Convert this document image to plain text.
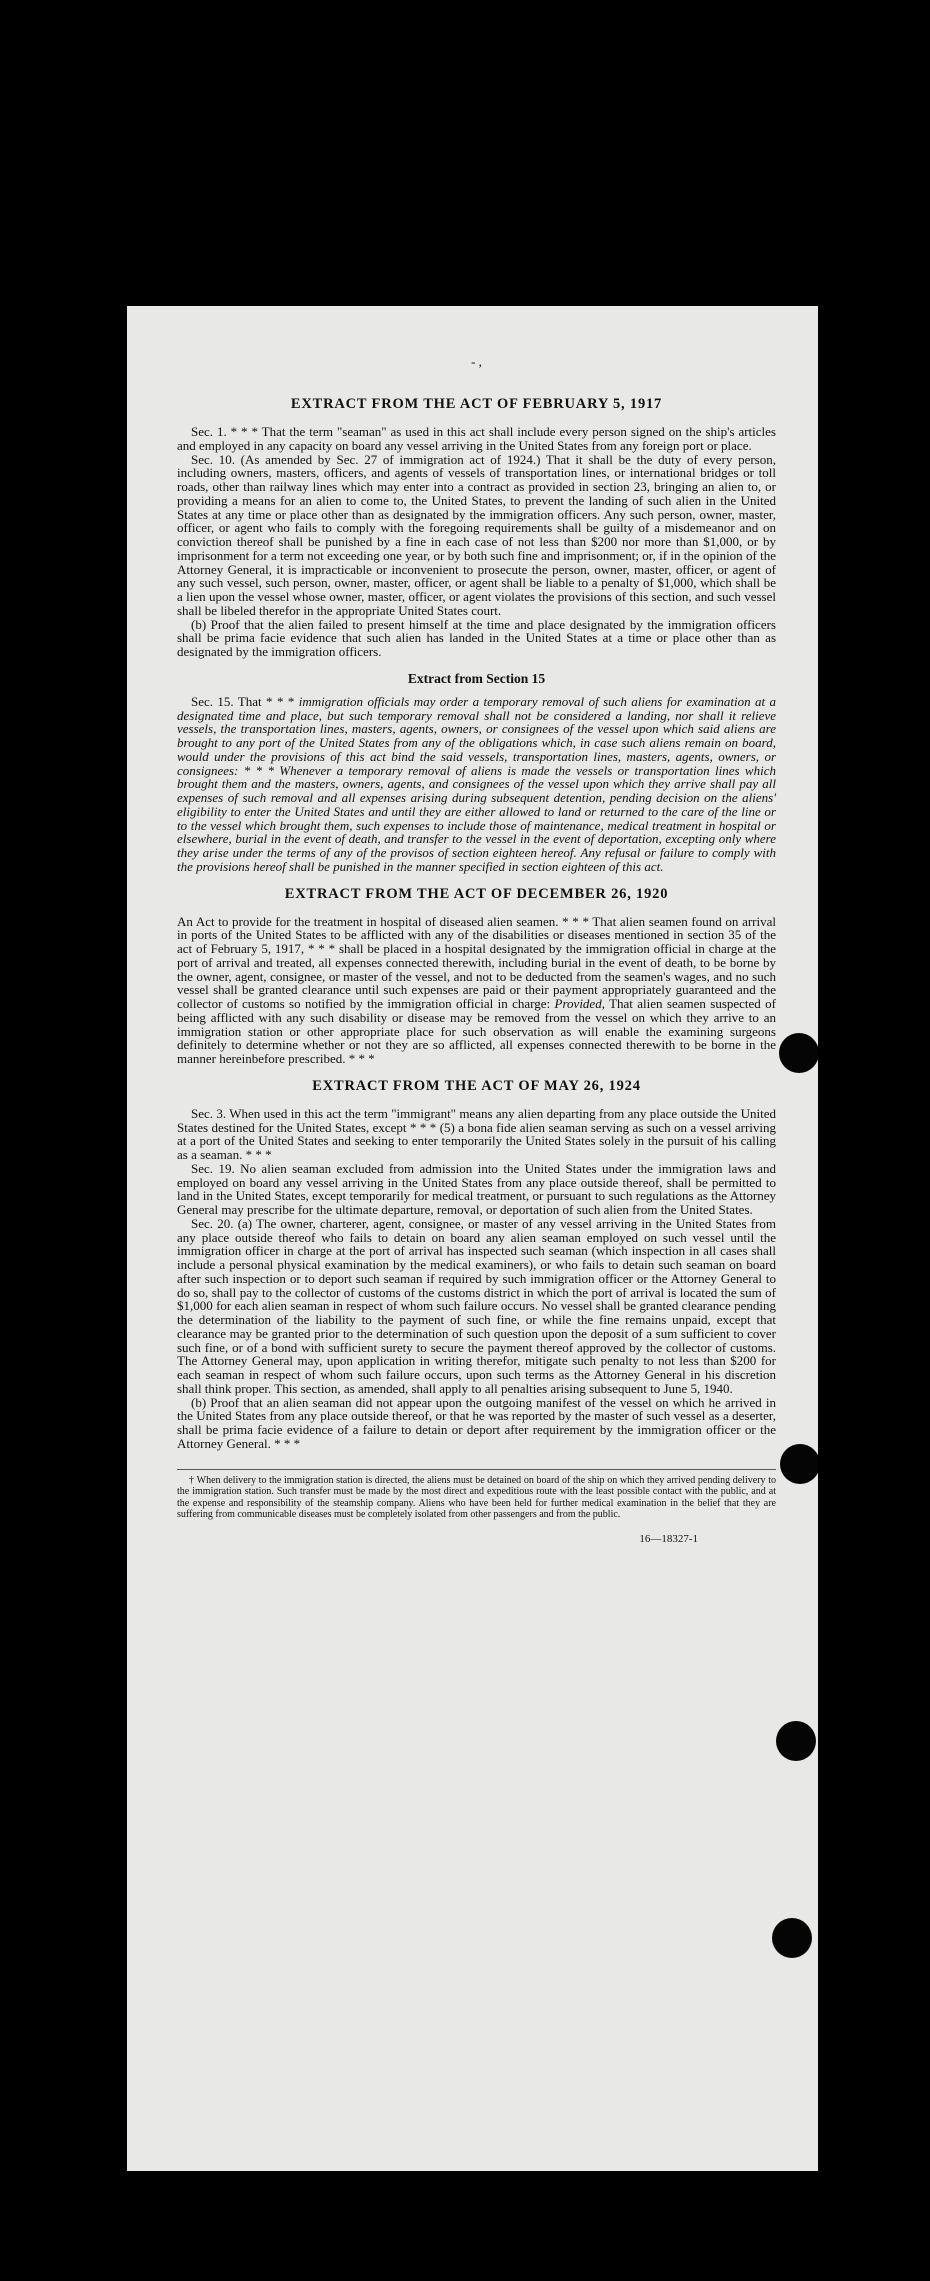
- ,
EXTRACT FROM THE ACT OF FEBRUARY 5, 1917

Sec. 1. * * * That the term "seaman" as used in this act shall include every person signed on the ship's articles and employed in any capacity on board any vessel arriving in the United States from any foreign port or place.

Sec. 10. (As amended by Sec. 27 of immigration act of 1924.) That it shall be the duty of every person, including owners, masters, officers, and agents of vessels of transportation lines, or international bridges or toll roads, other than railway lines which may enter into a contract as provided in section 23, bringing an alien to, or providing a means for an alien to come to, the United States, to prevent the landing of such alien in the United States at any time or place other than as designated by the immigration officers. Any such person, owner, master, officer, or agent who fails to comply with the foregoing requirements shall be guilty of a misdemeanor and on conviction thereof shall be punished by a fine in each case of not less than $200 nor more than $1,000, or by imprisonment for a term not exceeding one year, or by both such fine and imprisonment; or, if in the opinion of the Attorney General, it is impracticable or inconvenient to prosecute the person, owner, master, officer, or agent of any such vessel, such person, owner, master, officer, or agent shall be liable to a penalty of $1,000, which shall be a lien upon the vessel whose owner, master, officer, or agent violates the provisions of this section, and such vessel shall be libeled therefor in the appropriate United States court.

(b) Proof that the alien failed to present himself at the time and place designated by the immigration officers shall be prima facie evidence that such alien has landed in the United States at a time or place other than as designated by the immigration officers.

Extract from Section 15

Sec. 15. That * * * immigration officials may order a temporary removal of such aliens for examination at a designated time and place, but such temporary removal shall not be considered a landing, nor shall it relieve vessels, the transportation lines, masters, agents, owners, or consignees of the vessel upon which said aliens are brought to any port of the United States from any of the obligations which, in case such aliens remain on board, would under the provisions of this act bind the said vessels, transportation lines, masters, agents, owners, or consignees: * * * Whenever a temporary removal of aliens is made the vessels or transportation lines which brought them and the masters, owners, agents, and consignees of the vessel upon which they arrive shall pay all expenses of such removal and all expenses arising during subsequent detention, pending decision on the aliens' eligibility to enter the United States and until they are either allowed to land or returned to the care of the line or to the vessel which brought them, such expenses to include those of maintenance, medical treatment in hospital or elsewhere, burial in the event of death, and transfer to the vessel in the event of deportation, excepting only where they arise under the terms of any of the provisos of section eighteen hereof. Any refusal or failure to comply with the provisions hereof shall be punished in the manner specified in section eighteen of this act.

EXTRACT FROM THE ACT OF DECEMBER 26, 1920

An Act to provide for the treatment in hospital of diseased alien seamen. * * * That alien seamen found on arrival in ports of the United States to be afflicted with any of the disabilities or diseases mentioned in section 35 of the act of February 5, 1917, * * * shall be placed in a hospital designated by the immigration official in charge at the port of arrival and treated, all expenses connected therewith, including burial in the event of death, to be borne by the owner, agent, consignee, or master of the vessel, and not to be deducted from the seamen's wages, and no such vessel shall be granted clearance until such expenses are paid or their payment appropriately guaranteed and the collector of customs so notified by the immigration official in charge: Provided, That alien seamen suspected of being afflicted with any such disability or disease may be removed from the vessel on which they arrive to an immigration station or other appropriate place for such observation as will enable the examining surgeons definitely to determine whether or not they are so afflicted, all expenses connected therewith to be borne in the manner hereinbefore prescribed. * * *

EXTRACT FROM THE ACT OF MAY 26, 1924

Sec. 3. When used in this act the term "immigrant" means any alien departing from any place outside the United States destined for the United States, except * * * (5) a bona fide alien seaman serving as such on a vessel arriving at a port of the United States and seeking to enter temporarily the United States solely in the pursuit of his calling as a seaman. * * *

Sec. 19. No alien seaman excluded from admission into the United States under the immigration laws and employed on board any vessel arriving in the United States from any place outside thereof, shall be permitted to land in the United States, except temporarily for medical treatment, or pursuant to such regulations as the Attorney General may prescribe for the ultimate departure, removal, or deportation of such alien from the United States.

Sec. 20. (a) The owner, charterer, agent, consignee, or master of any vessel arriving in the United States from any place outside thereof who fails to detain on board any alien seaman employed on such vessel until the immigration officer in charge at the port of arrival has inspected such seaman (which inspection in all cases shall include a personal physical examination by the medical examiners), or who fails to detain such seaman on board after such inspection or to deport such seaman if required by such immigration officer or the Attorney General to do so, shall pay to the collector of customs of the customs district in which the port of arrival is located the sum of $1,000 for each alien seaman in respect of whom such failure occurs. No vessel shall be granted clearance pending the determination of the liability to the payment of such fine, or while the fine remains unpaid, except that clearance may be granted prior to the determination of such question upon the deposit of a sum sufficient to cover such fine, or of a bond with sufficient surety to secure the payment thereof approved by the collector of customs. The Attorney General may, upon application in writing therefor, mitigate such penalty to not less than $200 for each seaman in respect of whom such failure occurs, upon such terms as the Attorney General in his discretion shall think proper. This section, as amended, shall apply to all penalties arising subsequent to June 5, 1940.

(b) Proof that an alien seaman did not appear upon the outgoing manifest of the vessel on which he arrived in the United States from any place outside thereof, or that he was reported by the master of such vessel as a deserter, shall be prima facie evidence of a failure to detain or deport after requirement by the immigration officer or the Attorney General. * * *

† When delivery to the immigration station is directed, the aliens must be detained on board of the ship on which they arrived pending delivery to the immigration station. Such transfer must be made by the most direct and expeditious route with the least possible contact with the public, and at the expense and responsibility of the steamship company. Aliens who have been held for further medical examination in the belief that they are suffering from communicable diseases must be completely isolated from other passengers and from the public.

16—18327-1
